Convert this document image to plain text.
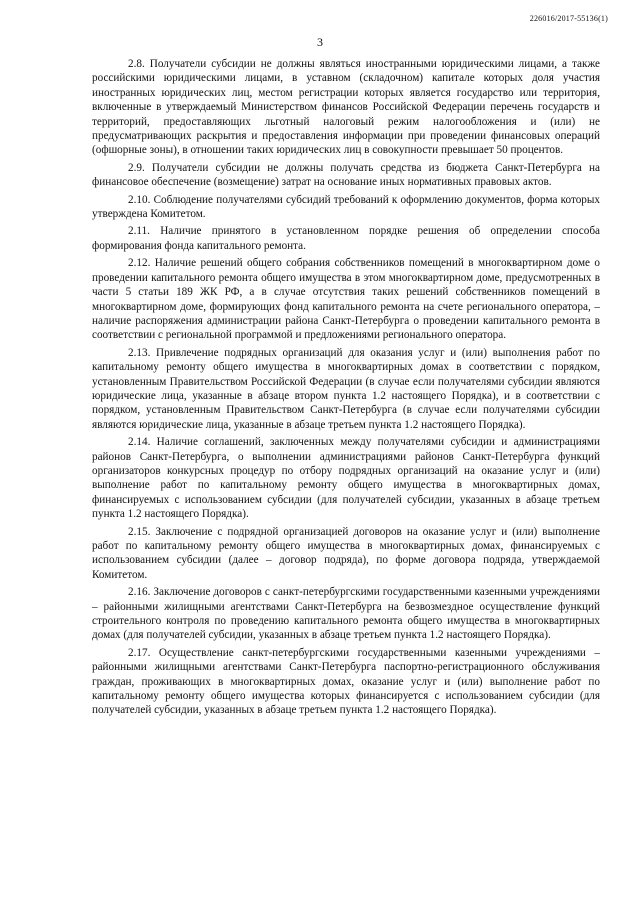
226016/2017-55136(1)
3

2.8. Получатели субсидии не должны являться иностранными юридическими лицами, а также российскими юридическими лицами, в уставном (складочном) капитале которых доля участия иностранных юридических лиц, местом регистрации которых является государство или территория, включенные в утверждаемый Министерством финансов Российской Федерации перечень государств и территорий, предоставляющих льготный налоговый режим налогообложения и (или) не предусматривающих раскрытия и предоставления информации при проведении финансовых операций (офшорные зоны), в отношении таких юридических лиц в совокупности превышает 50 процентов.

2.9. Получатели субсидии не должны получать средства из бюджета Санкт-Петербурга на финансовое обеспечение (возмещение) затрат на основание иных нормативных правовых актов.

2.10. Соблюдение получателями субсидий требований к оформлению документов, форма которых утверждена Комитетом.

2.11. Наличие принятого в установленном порядке решения об определении способа формирования фонда капитального ремонта.

2.12. Наличие решений общего собрания собственников помещений в многоквартирном доме о проведении капитального ремонта общего имущества в этом многоквартирном доме, предусмотренных в части 5 статьи 189 ЖК РФ, а в случае отсутствия таких решений собственников помещений в многоквартирном доме, формирующих фонд капитального ремонта на счете регионального оператора, – наличие распоряжения администрации района Санкт-Петербурга о проведении капитального ремонта в соответствии с региональной программой и предложениями регионального оператора.

2.13. Привлечение подрядных организаций для оказания услуг и (или) выполнения работ по капитальному ремонту общего имущества в многоквартирных домах в соответствии с порядком, установленным Правительством Российской Федерации (в случае если получателями субсидии являются юридические лица, указанные в абзаце втором пункта 1.2 настоящего Порядка), и в соответствии с порядком, установленным Правительством Санкт-Петербурга (в случае если получателями субсидии являются юридические лица, указанные в абзаце третьем пункта 1.2 настоящего Порядка).

2.14. Наличие соглашений, заключенных между получателями субсидии и администрациями районов Санкт-Петербурга, о выполнении администрациями районов Санкт-Петербурга функций организаторов конкурсных процедур по отбору подрядных организаций на оказание услуг и (или) выполнение работ по капитальному ремонту общего имущества в многоквартирных домах, финансируемых с использованием субсидии (для получателей субсидии, указанных в абзаце третьем пункта 1.2 настоящего Порядка).

2.15. Заключение с подрядной организацией договоров на оказание услуг и (или) выполнение работ по капитальному ремонту общего имущества в многоквартирных домах, финансируемых с использованием субсидии (далее – договор подряда), по форме договора подряда, утверждаемой Комитетом.

2.16. Заключение договоров с санкт-петербургскими государственными казенными учреждениями – районными жилищными агентствами Санкт-Петербурга на безвозмездное осуществление функций строительного контроля по проведению капитального ремонта общего имущества в многоквартирных домах (для получателей субсидии, указанных в абзаце третьем пункта 1.2 настоящего Порядка).

2.17. Осуществление санкт-петербургскими государственными казенными учреждениями – районными жилищными агентствами Санкт-Петербурга паспортно-регистрационного обслуживания граждан, проживающих в многоквартирных домах, оказание услуг и (или) выполнение работ по капитальному ремонту общего имущества которых финансируется с использованием субсидии (для получателей субсидии, указанных в абзаце третьем пункта 1.2 настоящего Порядка).
